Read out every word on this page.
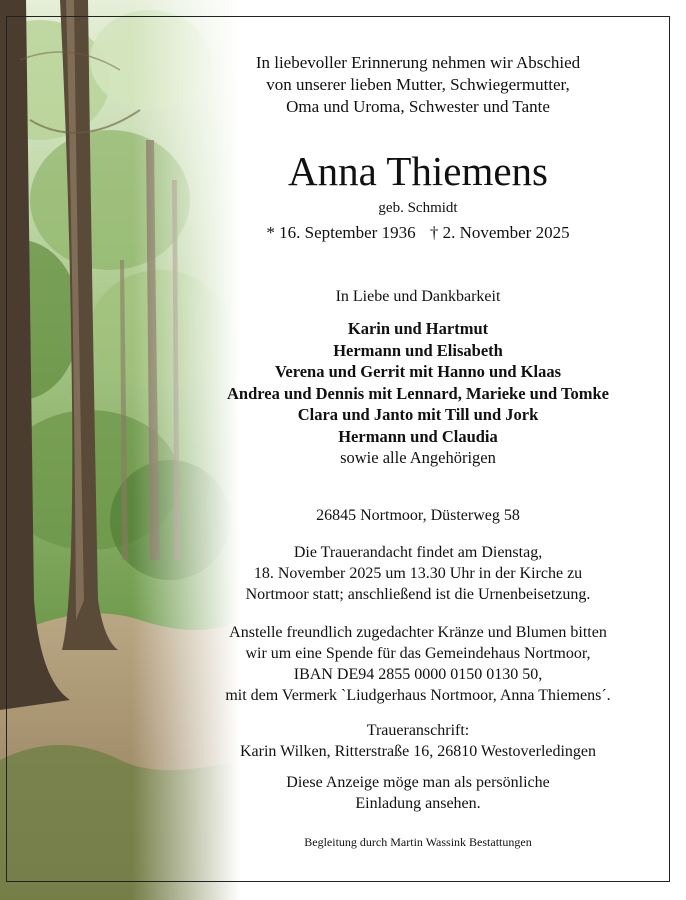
In liebevoller Erinnerung nehmen wir Abschied

von unserer lieben Mutter, Schwiegermutter,

Oma und Uroma, Schwester und Tante

Anna Thiemens

geb. Schmidt

* 16. September 1936 † 2. November 2025

In Liebe und Dankbarkeit

Karin und Hartmut

Hermann und Elisabeth

Verena und Gerrit mit Hanno und Klaas

Andrea und Dennis mit Lennard, Marieke und Tomke

Clara und Janto mit Till und Jork

Hermann und Claudia

sowie alle Angehörigen

26845 Nortmoor, Düsterweg 58

Die Trauerandacht findet am Dienstag,

18. November 2025 um 13.30 Uhr in der Kirche zu

Nortmoor statt; anschließend ist die Urnenbeisetzung.

Anstelle freundlich zugedachter Kränze und Blumen bitten

wir um eine Spende für das Gemeindehaus Nortmoor,

IBAN DE94 2855 0000 0150 0130 50,

mit dem Vermerk `Liudgerhaus Nortmoor, Anna Thiemens´.

Traueranschrift:

Karin Wilken, Ritterstraße 16, 26810 Westoverledingen

Diese Anzeige möge man als persönliche

Einladung ansehen.

Begleitung durch Martin Wassink Bestattungen
